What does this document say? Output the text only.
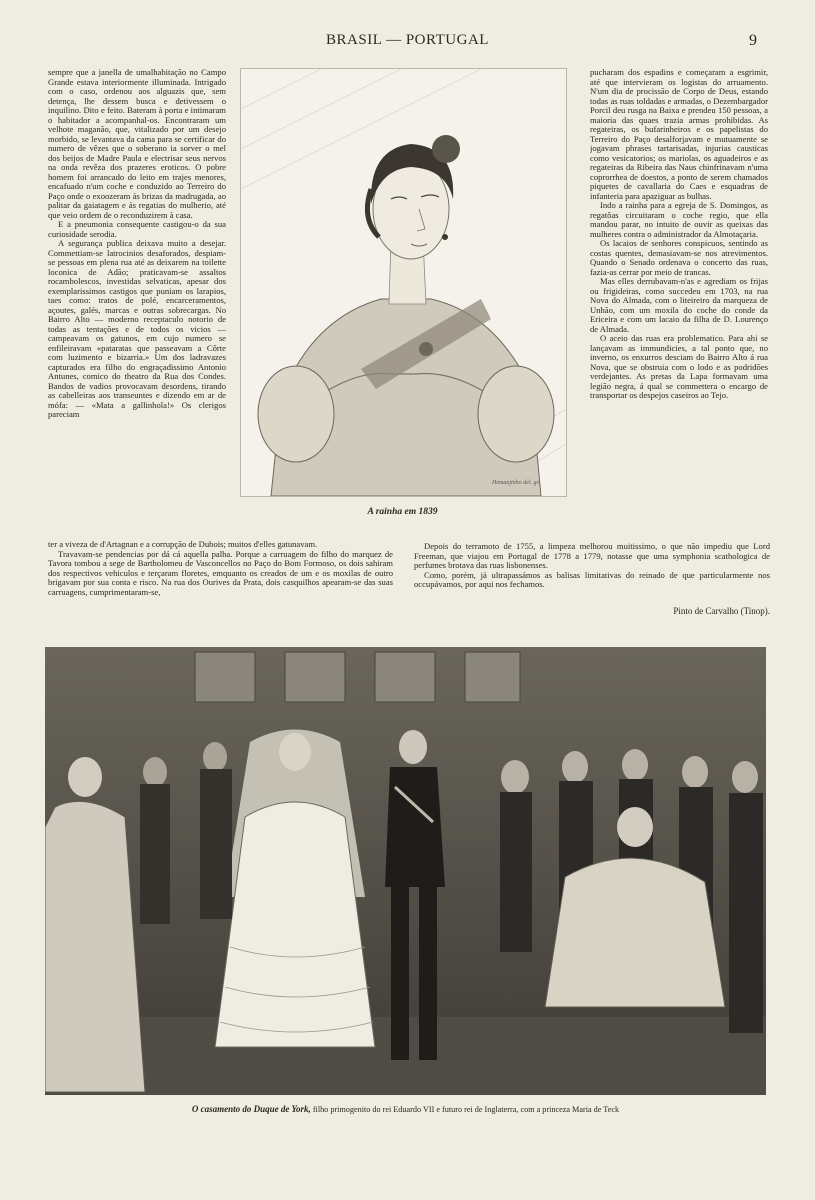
BRASIL — PORTUGAL	9

sempre que a janella de umalhabitação no Campo Grande estava interiormente illuminada. Intrigado com o caso, ordenou aos alguazis que, sem detença, lhe dessem busca e detivessem o inquilino. Dito e feito. Bateram à porta e intimaram o habitador a acompanhal-os. Encontraram um velhote maganão, que, vitalizado por um desejo morbido, se levantava da cama para se certificar do numero de vêzes que o soberano ia sorver o mel dos beijos de Madre Paula e electrisar seus nervos na onda revêza dos prazeres eroticos. O pobre homem foi arrancado do leito em trajes menores, encafuado n'um coche e conduzido ao Terreiro do Paço onde o exoozeram ás brizas da madrugada, ao palitar da gaiatagem e ás regatias do mulherio, até que veio ordem de o reconduzirem à casa.

E a pneumonia consequente castigou-o da sua curiosidade serodia.

A segurança publica deixava muito a desejar. Commettiam-se latrocinios desaforados, despiam-se pessoas em plena rua até as deixarem na toilette loconica de Adão; praticavam-se assaltos rocambolescos, investidas selvaticas, apesar dos exemplarissimos castigos que puniam os larapios, taes como: tratos de polé, encarceramentos, açoutes, galés, marcas e outras sobrecargas. No Bairro Alto — moderno receptaculo notorio de todas as tentações e de todos os vicios — campeavam os gatunos, em cujo numero se enfileiravam «pataratas que passeavam a Côrte com luzimento e bizarria.» Um dos ladravazes capturados era filho do engraçadissimo Antonio Antunes, comico do theatro da Rua dos Condes. Bandos de vadios provocavam desordens, tirando as cabelleiras aos transeuntes e dizendo em ar de mófa: — «Mata a gallinhola!» Os clerigos pareciam

Hemanjinho del. gr.
A rainha em 1839

pucharam dos espadins e começaram a esgrimir, até que intervieram os logistas do arruamento. N'um dia de procissão de Corpo de Deus, estando todas as ruas toldadas e armadas, o Dezembargador Porcil deu rusga na Baixa e prendeu 150 pessoas, a maioria das quaes trazia armas prohibidas. As regateiras, os bufarinheiros e os papelistas do Terreiro do Paço desalforjavam e mutuamente se jogavam phrases tartarisadas, injurias causticas como vesicatorios; os mariolas, os aguadeiros e as regateiras da Ribeira das Naus chinfrinavam n'uma coprorrhea de doestos, a ponto de serem chamados piquetes de cavallaria do Caes e esquadras de infanteria para apaziguar as bulhas.

Indo a rainha para a egreja de S. Domingos, as regatôas circuitaram o coche regio, que ella mandou parar, no intuito de ouvir as queixas das mulheres contra o administrador da Almotaçaria.

Os lacaios de senhores conspicuos, sentindo as costas quentes, demasiavam-se nos atrevimentos. Quando o Senado ordenava o concerto das ruas, fazia-as cerrar por meio de trancas.

Mas elles derrubavam-n'as e agrediam os frijas ou frigideiras, como succedeu em 1703, na rua Nova do Almada, com o liteireiro da marqueza de Unhão, com um moxila do coche do conde da Ericeira e com um lacaio da filha de D. Lourenço de Almada.

O aceio das ruas era problematico. Para ahi se lançavam as immundicies, a tal ponto que, no inverno, os enxurros desciam do Bairro Alto á rua Nova, que se obstruia com o lodo e as podridões verdejantes. As pretas da Lapa formavam uma legião negra, á qual se commettera o encargo de transportar os despejos caseiros ao Tejo.

ter a viveza de d'Artagnan e a corrupção de Dubois; muitos d'elles gatunavam.

Travavam-se pendencias por dá cá aquella palha. Porque a carruagem do filho do marquez de Tavora tombou a sege de Bartholomeu de Vasconcellos no Paço do Bom Formoso, os dois sahiram dos respectivos vehiculos e terçaram floretes, emquanto os creados de um e os moxilas de outro brigavam por sua conta e risco. Na rua dos Ourives da Prata, dois casquilhos apearam-se das suas carruagens, cumprimentaram-se,

Depois do terramoto de 1755, a limpeza melhorou muitissimo, o que não impediu que Lord Freeman, que viajou em Portugal de 1778 a 1779, notasse que uma symphonia scathologica de perfumes brotava das ruas lisbonenses.

Como, porém, já ultrapassámos as balisas limitativas do reinado de que particularmente nos occupávamos, por aqui nos fechamos.

Pinto de Carvalho (Tinop).
O casamento do Duque de York, filho primogenito do rei Eduardo VII e futuro rei de Inglaterra, com a princeza Maria de Teck
